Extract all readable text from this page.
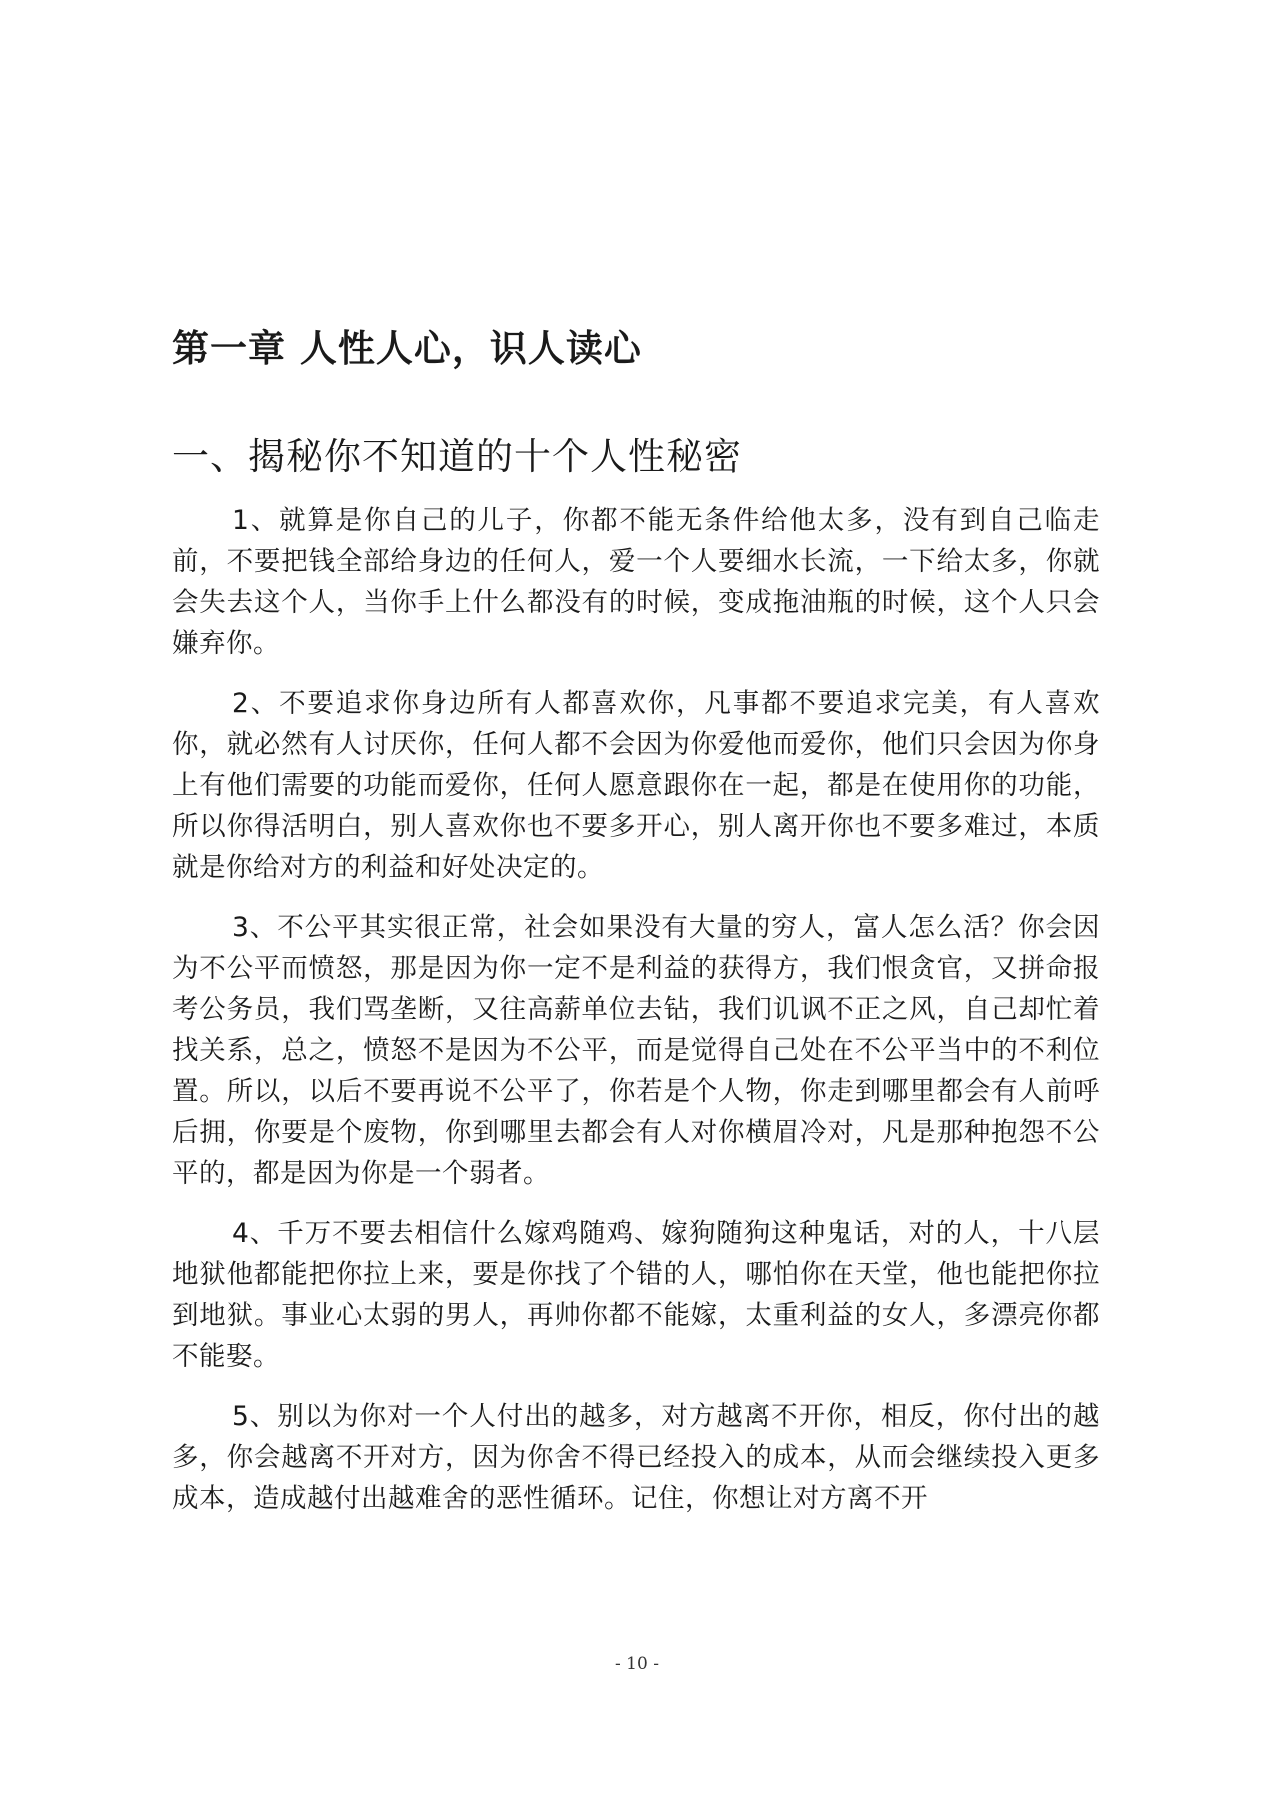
第一章 人性人心，识人读心
一、揭秘你不知道的十个人性秘密

1、就算是你自己的儿子，你都不能无条件给他太多，没有到自己临走前，不要把钱全部给身边的任何人，爱一个人要细水长流，一下给太多，你就会失去这个人，当你手上什么都没有的时候，变成拖油瓶的时候，这个人只会嫌弃你。

2、不要追求你身边所有人都喜欢你，凡事都不要追求完美，有人喜欢你，就必然有人讨厌你，任何人都不会因为你爱他而爱你，他们只会因为你身上有他们需要的功能而爱你，任何人愿意跟你在一起，都是在使用你的功能，所以你得活明白，别人喜欢你也不要多开心，别人离开你也不要多难过，本质就是你给对方的利益和好处决定的。

3、不公平其实很正常，社会如果没有大量的穷人，富人怎么活？你会因为不公平而愤怒，那是因为你一定不是利益的获得方，我们恨贪官，又拼命报考公务员，我们骂垄断，又往高薪单位去钻，我们讥讽不正之风，自己却忙着找关系，总之，愤怒不是因为不公平，而是觉得自己处在不公平当中的不利位置。所以，以后不要再说不公平了，你若是个人物，你走到哪里都会有人前呼后拥，你要是个废物，你到哪里去都会有人对你横眉冷对，凡是那种抱怨不公平的，都是因为你是一个弱者。

4、千万不要去相信什么嫁鸡随鸡、嫁狗随狗这种鬼话，对的人，十八层地狱他都能把你拉上来，要是你找了个错的人，哪怕你在天堂，他也能把你拉到地狱。事业心太弱的男人，再帅你都不能嫁，太重利益的女人，多漂亮你都不能娶。

5、别以为你对一个人付出的越多，对方越离不开你，相反，你付出的越多，你会越离不开对方，因为你舍不得已经投入的成本，从而会继续投入更多成本，造成越付出越难舍的恶性循环。记住，你想让对方离不开

- 10 -
